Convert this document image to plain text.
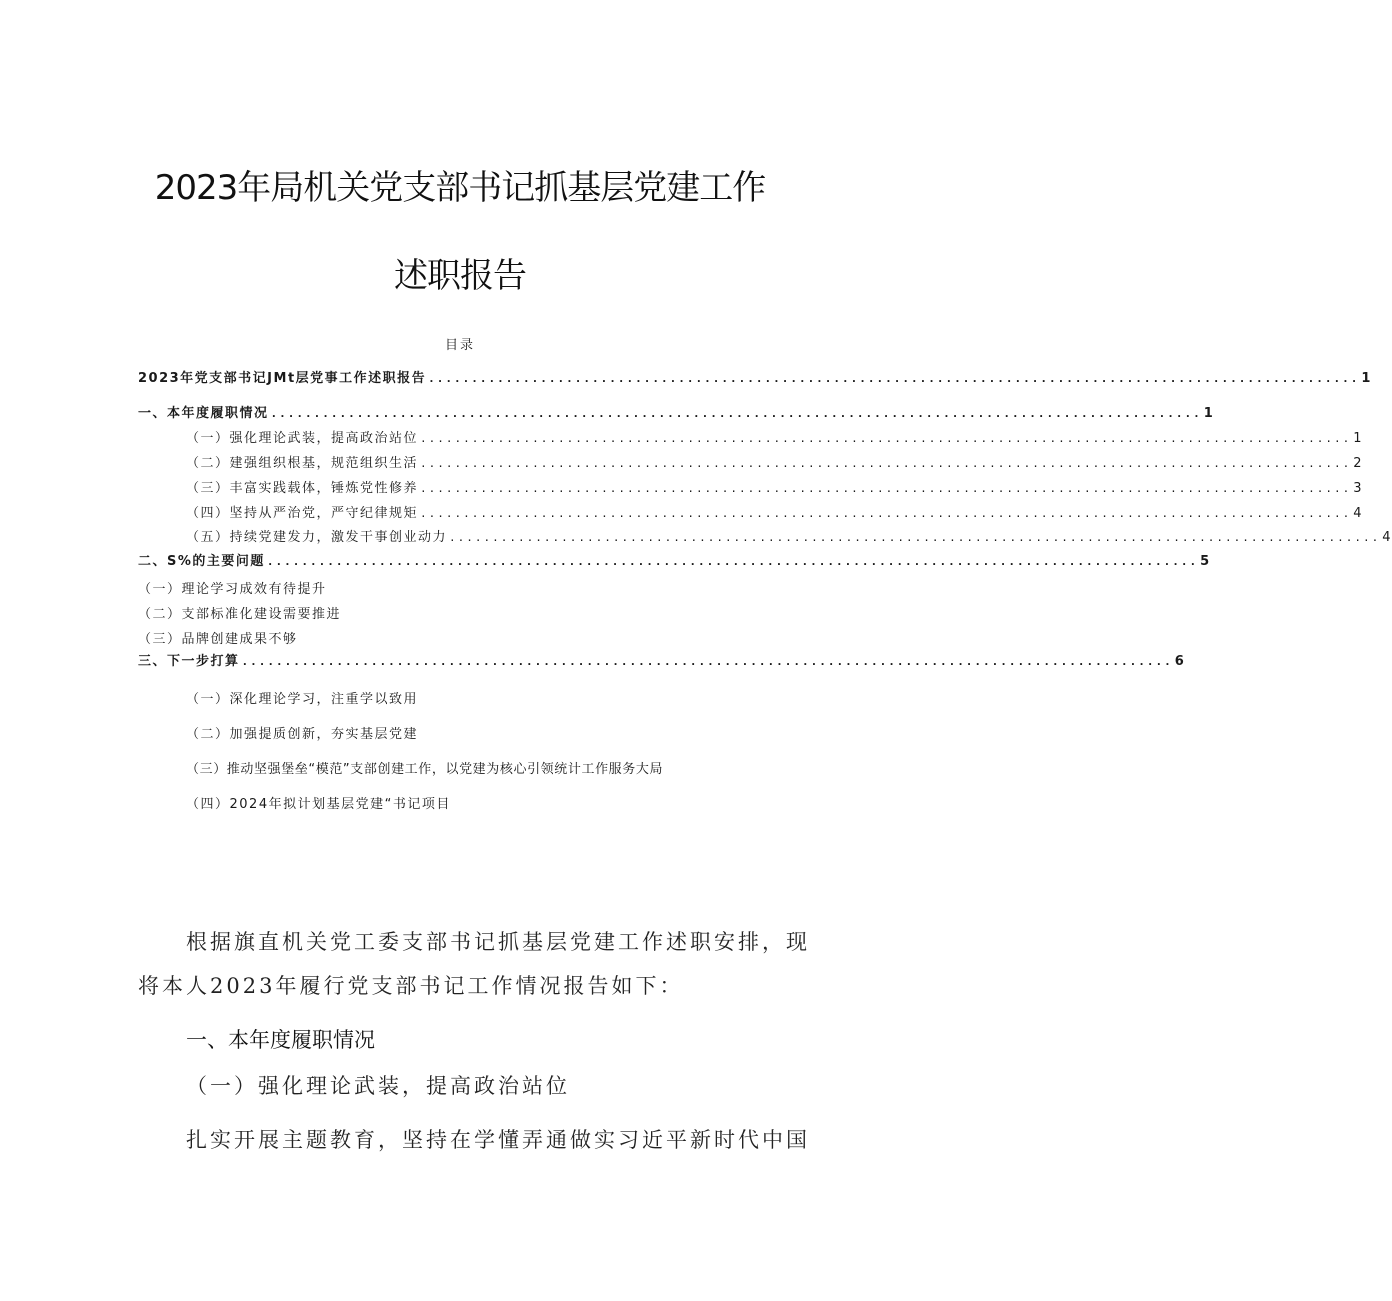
2023年局机关党支部书记抓基层党建工作
述职报告
目录
2023年党支部书记JMt层党事工作述职报告 ............................................................................................................ 1
一、本年度履职情况 ............................................................................................................ 1
（一）强化理论武装，提高政治站位 ............................................................................................................ 1
（二）建强组织根基，规范组织生活 ............................................................................................................ 2
（三）丰富实践载体，锤炼党性修养 ............................................................................................................ 3
（四）坚持从严治党，严守纪律规矩 ............................................................................................................ 4
（五）持续党建发力，激发干事创业动力 ............................................................................................................ 4
二、S%的主要问题 ............................................................................................................ 5
（一）理论学习成效有待提升
（二）支部标准化建设需要推进
（三）品牌创建成果不够
三、下一步打算 ............................................................................................................ 6
（一）深化理论学习，注重学以致用
（二）加强提质创新，夯实基层党建
（三）推动坚强堡垒“模范”支部创建工作，以党建为核心引领统计工作服务大局
（四）2024年拟计划基层党建“书记项目
根据旗直机关党工委支部书记抓基层党建工作述职安排，现
将本人2023年履行党支部书记工作情况报告如下：
一、本年度履职情况
（一）强化理论武装，提高政治站位
扎实开展主题教育，坚持在学懂弄通做实习近平新时代中国
